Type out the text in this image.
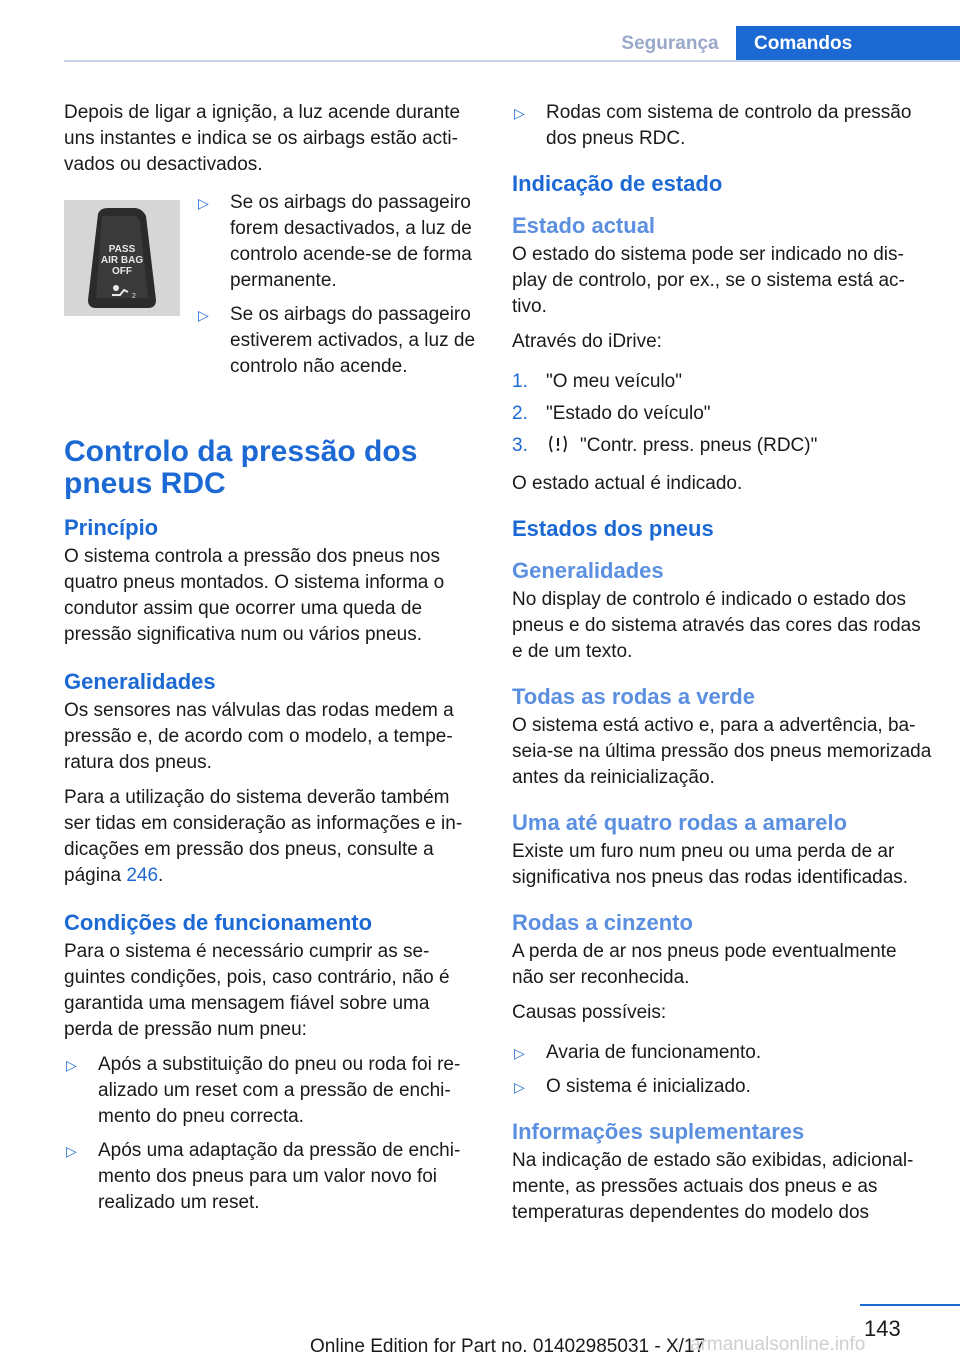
Segurança	Comandos

Depois de ligar a ignição, a luz acende durante uns instantes e indica se os airbags estão activados ou desactivados.

PASS
AIR BAG
OFF
2
▷ Se os airbags do passageiro forem desactivados, a luz de controlo acende-se de forma permanente.
▷ Se os airbags do passageiro estiverem activados, a luz de controlo não acende.
Controlo da pressão dos pneus RDC
Princípio

O sistema controla a pressão dos pneus nos quatro pneus montados. O sistema informa o condutor assim que ocorrer uma queda de pressão significativa num ou vários pneus.

Generalidades

Os sensores nas válvulas das rodas medem a pressão e, de acordo com o modelo, a temperatura dos pneus.

Para a utilização do sistema deverão também ser tidas em consideração as informações e indicações em pressão dos pneus, consulte a página 246.

Condições de funcionamento

Para o sistema é necessário cumprir as seguintes condições, pois, caso contrário, não é garantida uma mensagem fiável sobre uma perda de pressão num pneu:

▷ Após a substituição do pneu ou roda foi realizado um reset com a pressão de enchimento do pneu correcta.
▷ Após uma adaptação da pressão de enchimento dos pneus para um valor novo foi realizado um reset.
▷ Rodas com sistema de controlo da pressão dos pneus RDC.
Indicação de estado
Estado actual

O estado do sistema pode ser indicado no display de controlo, por ex., se o sistema está activo.

Através do iDrive:

1. "O meu veículo"
2. "Estado do veículo"
3.	"Contr. press. pneus (RDC)"

O estado actual é indicado.

Estados dos pneus
Generalidades

No display de controlo é indicado o estado dos pneus e do sistema através das cores das rodas e de um texto.

Todas as rodas a verde

O sistema está activo e, para a advertência, baseia-se na última pressão dos pneus memorizada antes da reinicialização.

Uma até quatro rodas a amarelo

Existe um furo num pneu ou uma perda de ar significativa nos pneus das rodas identificadas.

Rodas a cinzento

A perda de ar nos pneus pode eventualmente não ser reconhecida.

Causas possíveis:

▷ Avaria de funcionamento.
▷ O sistema é inicializado.
Informações suplementares

Na indicação de estado são exibidas, adicionalmente, as pressões actuais dos pneus e as temperaturas dependentes do modelo dos

143
Online Edition for Part no. 01402985031 - X/17
armanualsonline.info
